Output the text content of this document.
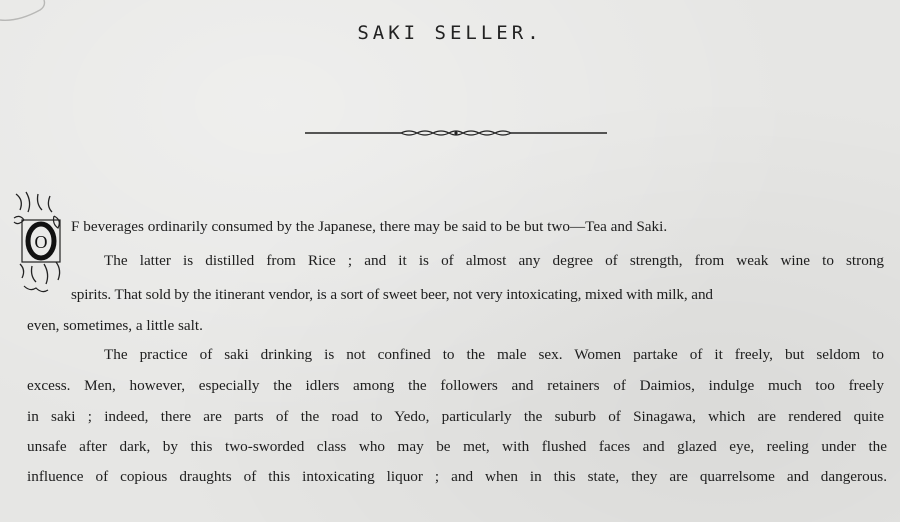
SAKI SELLER.
O
F beverages ordinarily consumed by the Japanese, there may be said to be but two—Tea and Saki.
The latter is distilled from Rice ; and it is of almost any degree of strength, from weak wine to strong
spirits. That sold by the itinerant vendor, is a sort of sweet beer, not very intoxicating, mixed with milk, and
even, sometimes, a little salt.
The practice of saki drinking is not confined to the male sex. Women partake of it freely, but seldom to
excess. Men, however, especially the idlers among the followers and retainers of Daimios, indulge much too freely
in saki ; indeed, there are parts of the road to Yedo, particularly the suburb of Sinagawa, which are rendered quite
unsafe after dark, by this two-sworded class who may be met, with flushed faces and glazed eye, reeling under the
influence of copious draughts of this intoxicating liquor ; and when in this state, they are quarrelsome and dangerous.
